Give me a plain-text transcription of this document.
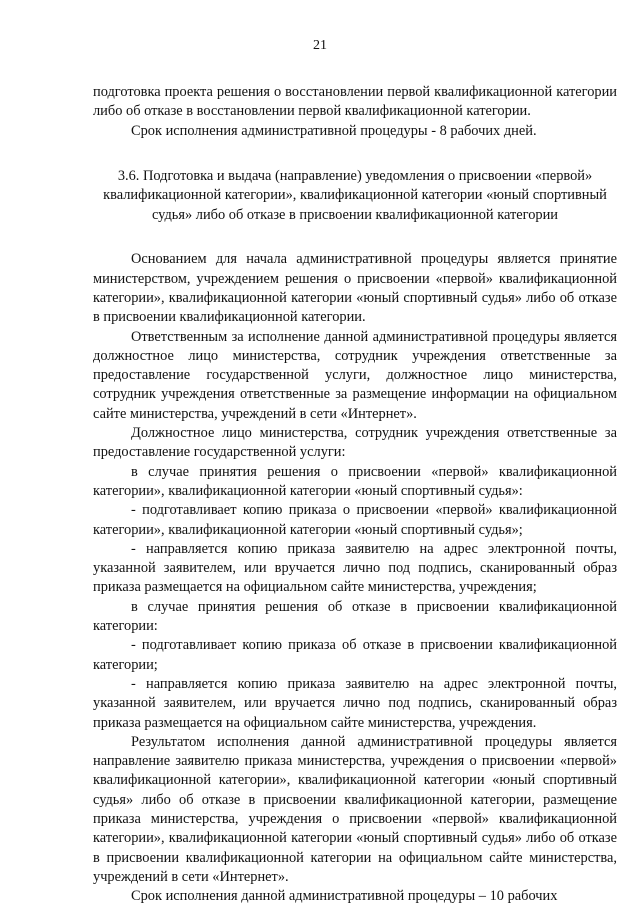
21

подготовка проекта решения о восстановлении первой квалификационной категории либо об отказе в восстановлении первой квалификационной категории.

Срок исполнения административной процедуры - 8 рабочих дней.

3.6. Подготовка и выдача (направление) уведомления о присвоении «первой» квалификационной категории», квалификационной категории «юный спортивный судья» либо об отказе в присвоении квалификационной категории

Основанием для начала административной процедуры является принятие министерством, учреждением решения о присвоении «первой» квалификационной категории», квалификационной категории «юный спортивный судья» либо об отказе в присвоении квалификационной категории.

Ответственным за исполнение данной административной процедуры является должностное лицо министерства, сотрудник учреждения ответственные за предоставление государственной услуги, должностное лицо министерства, сотрудник учреждения ответственные за размещение информации на официальном сайте министерства, учреждений в сети «Интернет».

Должностное лицо министерства, сотрудник учреждения ответственные за предоставление государственной услуги:

в случае принятия решения о присвоении «первой» квалификационной категории», квалификационной категории «юный спортивный судья»:

- подготавливает копию приказа о присвоении «первой» квалификационной категории», квалификационной категории «юный спортивный судья»;

- направляется копию приказа заявителю на адрес электронной почты, указанной заявителем, или вручается лично под подпись, сканированный образ приказа размещается на официальном сайте министерства, учреждения;

в случае принятия решения об отказе в присвоении квалификационной категории:

- подготавливает копию приказа об отказе в присвоении квалификационной категории;

- направляется копию приказа заявителю на адрес электронной почты, указанной заявителем, или вручается лично под подпись, сканированный образ приказа размещается на официальном сайте министерства, учреждения.

Результатом исполнения данной административной процедуры является направление заявителю приказа министерства, учреждения о присвоении «первой» квалификационной категории», квалификационной категории «юный спортивный судья» либо об отказе в присвоении квалификационной категории, размещение приказа министерства, учреждения о присвоении «первой» квалификационной категории», квалификационной категории «юный спортивный судья» либо об отказе в присвоении квалификационной категории на официальном сайте министерства, учреждений в сети «Интернет».

Срок исполнения данной административной процедуры – 10 рабочих
